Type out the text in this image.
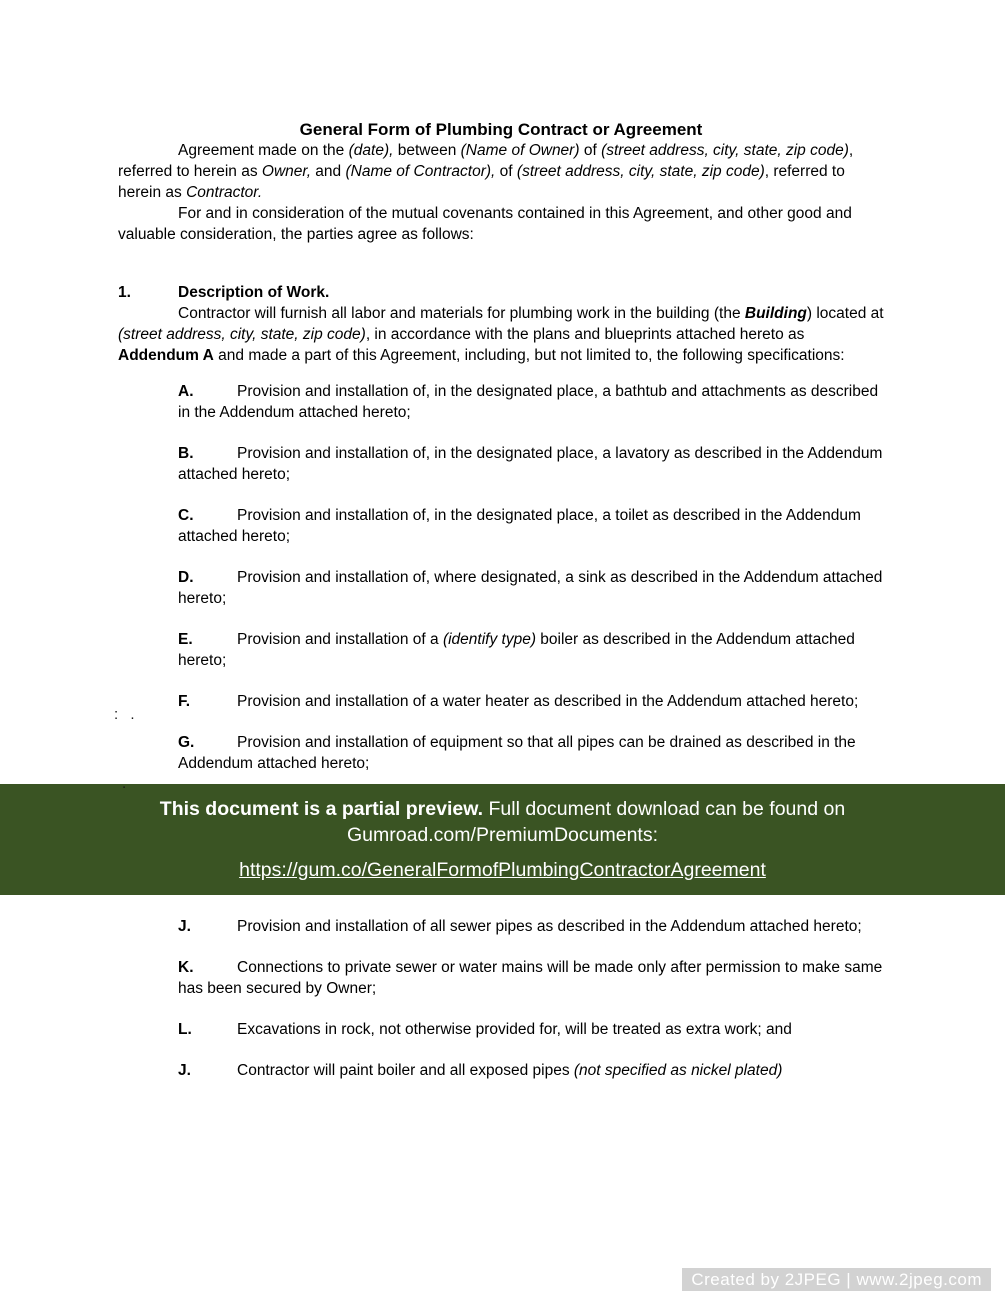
General Form of Plumbing Contract or Agreement

Agreement made on the (date), between (Name of Owner) of (street address, city, state, zip code), referred to herein as Owner, and (Name of Contractor), of (street address, city, state, zip code), referred to herein as Contractor.

For and in consideration of the mutual covenants contained in this Agreement, and other good and valuable consideration, the parties agree as follows:

1.	Description of Work.

Contractor will furnish all labor and materials for plumbing work in the building (the Building) located at (street address, city, state, zip code), in accordance with the plans and blueprints attached hereto as Addendum A and made a part of this Agreement, including, but not limited to, the following specifications:

A.	Provision and installation of, in the designated place, a bathtub and attachments as described in the Addendum attached hereto;
B.	Provision and installation of, in the designated place, a lavatory as described in the Addendum attached hereto;
C.	Provision and installation of, in the designated place, a toilet as described in the Addendum attached hereto;
D.	Provision and installation of, where designated, a sink as described in the Addendum attached hereto;
E.	Provision and installation of a (identify type) boiler as described in the Addendum attached hereto;
F.	Provision and installation of a water heater as described in the Addendum attached hereto;
G.	Provision and installation of equipment so that all pipes can be drained as described in the Addendum attached hereto;
: .
.

This document is a partial preview. Full document download can be found on Gumroad.com/PremiumDocuments:

https://gum.co/GeneralFormofPlumbingContractorAgreement
J.	Provision and installation of all sewer pipes as described in the Addendum attached hereto;
K.	Connections to private sewer or water mains will be made only after permission to make same has been secured by Owner;
L.	Excavations in rock, not otherwise provided for, will be treated as extra work; and
J.	Contractor will paint boiler and all exposed pipes (not specified as nickel plated)
Created by 2JPEG | www.2jpeg.com
